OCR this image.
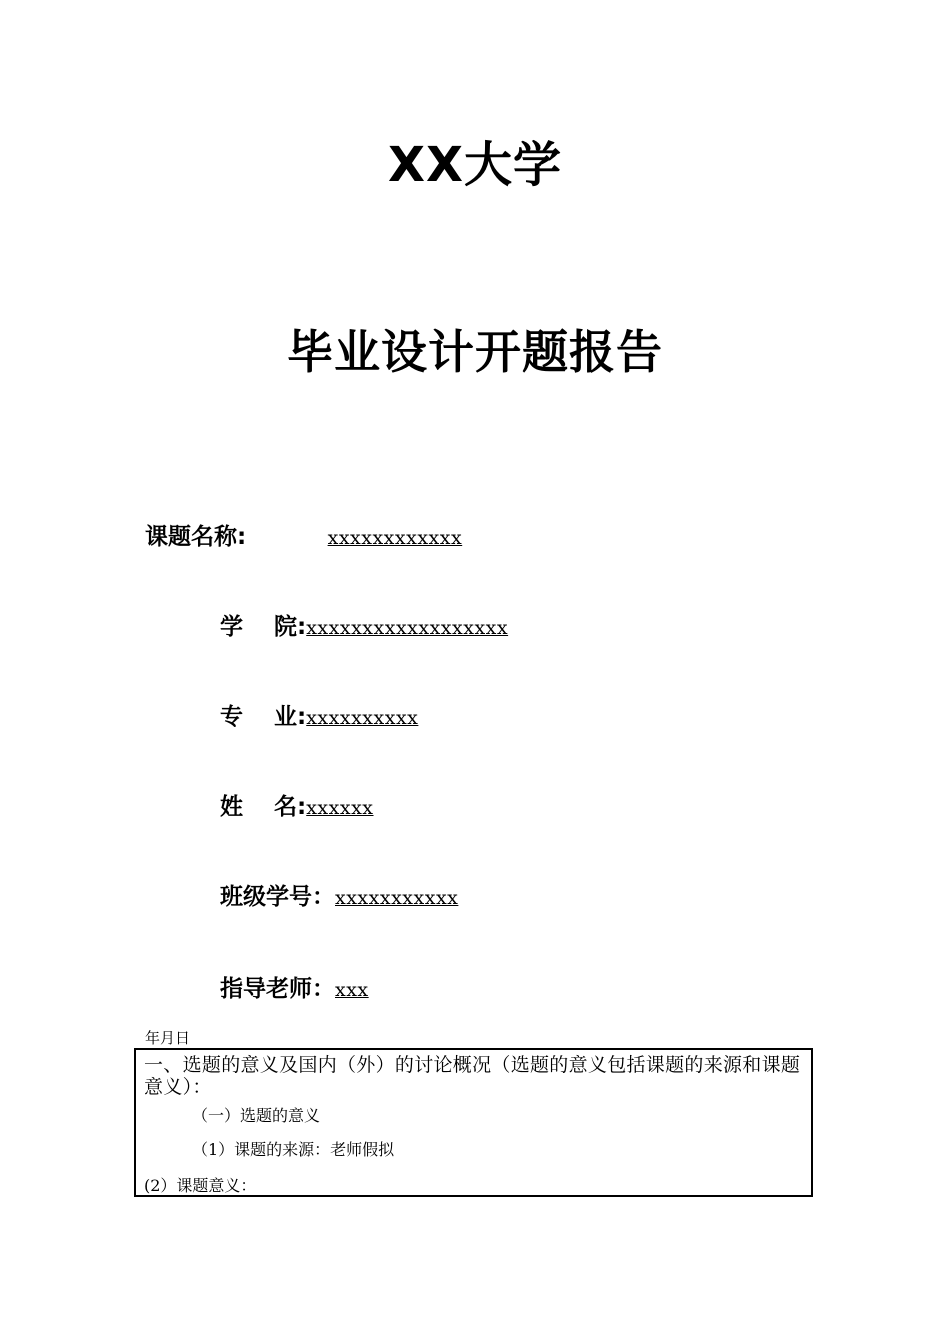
XX大学
毕业设计开题报告
课题名称:	xxxxxxxxxxxx
学　 院:xxxxxxxxxxxxxxxxxx
专　 业:xxxxxxxxxx
姓　 名:xxxxxx
班级学号：xxxxxxxxxxx
指导老师：xxx
年月日
一、选题的意义及国内（外）的讨论概况（选题的意义包括课题的来源和课题意义）：
（一）选题的意义
（1）课题的来源：老师假拟
(2）课题意义：
